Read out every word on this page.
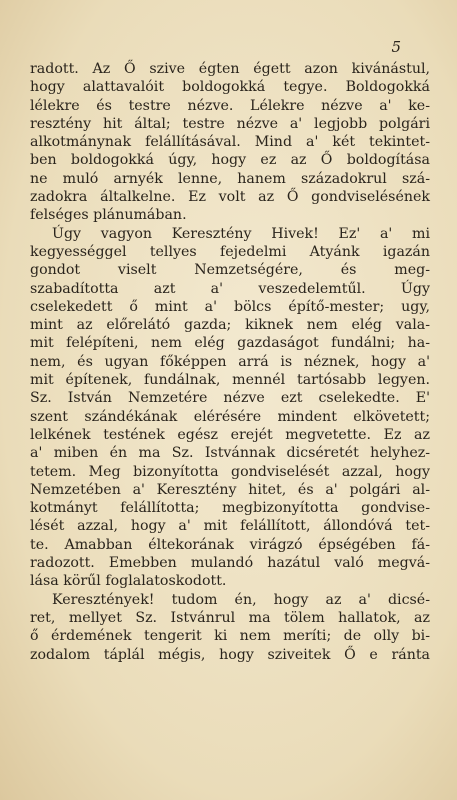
5
radott. Az Ő szive égten égett azon kivánástul,
hogy alattavalóit boldogokká tegye. Boldogokká
lélekre és testre nézve. Lélekre nézve a' ke-
resztény hit által; testre nézve a' legjobb polgári
alkotmánynak felállításával. Mind a' két tekintet-
ben boldogokká úgy, hogy ez az Ő boldogítása
ne muló arnyék lenne, hanem századokrul szá-
zadokra általkelne. Ez volt az Ő gondviselésének
felséges plánumában.
Úgy vagyon Keresztény Hivek! Ez' a' mi
kegyességgel tellyes fejedelmi Atyánk igazán
gondot viselt Nemzetségére, és meg-
szabadította azt a' veszedelemtűl. Úgy
cselekedett ő mint a' bölcs építő-mester; ugy,
mint az előrelátó gazda; kiknek nem elég vala-
mit felépíteni, nem elég gazdaságot fundálni; ha-
nem, és ugyan főképpen arrá is néznek, hogy a'
mit építenek, fundálnak, mennél tartósabb legyen.
Sz. István Nemzetére nézve ezt cselekedte. E'
szent szándékának elérésére mindent elkövetett;
lelkének testének egész erejét megvetette. Ez az
a' miben én ma Sz. Istvánnak dicséretét helyhez-
tetem. Meg bizonyította gondviselését azzal, hogy
Nemzetében a' Keresztény hitet, és a' polgári al-
kotmányt felállította; megbizonyította gondvise-
lését azzal, hogy a' mit felállított, állondóvá tet-
te. Amabban éltekorának virágzó épségében fá-
radozott. Emebben mulandó hazátul való megvá-
lása körűl foglalatoskodott.
Keresztények! tudom én, hogy az a' dicsé-
ret, mellyet Sz. Istvánrul ma tölem hallatok, az
ő érdemének tengerit ki nem meríti; de olly bi-
zodalom táplál mégis, hogy sziveitek Ő e ránta
